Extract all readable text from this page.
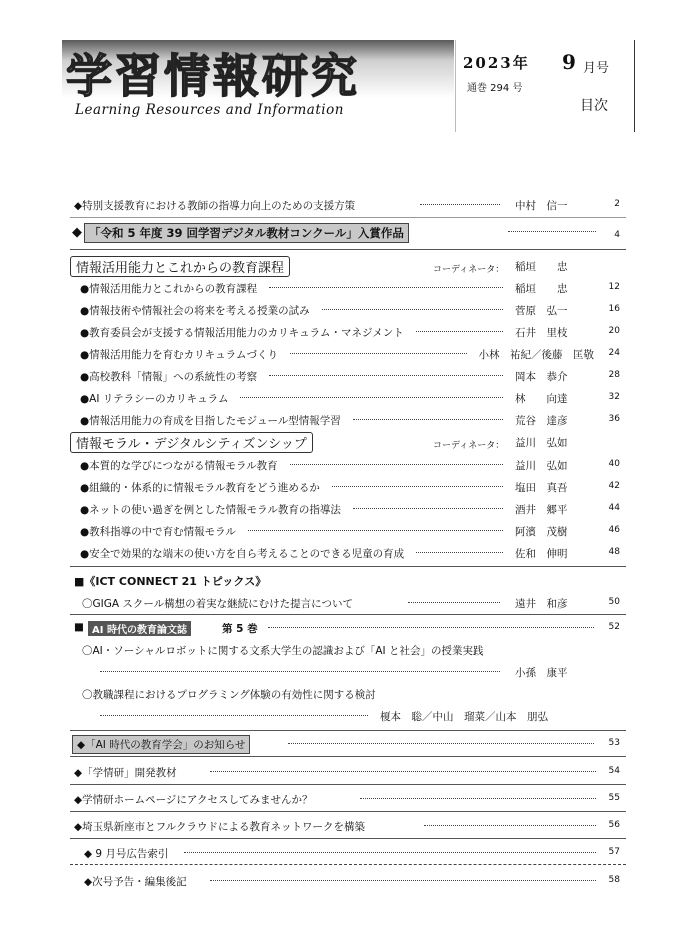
学習情報研究
Learning Resources and Information
2023年 9 月号
通巻 294 号
目次
◆特別支援教育における教師の指導力向上のための支援方策	中村　信一	2
◆ 「令和 5 年度 39 回学習デジタル教材コンクール」入賞作品	4
情報活用能力とこれからの教育課程	コーディネータ： 稲垣　　忠
●情報活用能力とこれからの教育課程	稲垣　　忠	12
●情報技術や情報社会の将来を考える授業の試み	菅原　弘一	16
●教育委員会が支援する情報活用能力のカリキュラム・マネジメント	石井　里枝	20
●情報活用能力を育むカリキュラムづくり	小林　祐紀／後藤　匡敬	24
●高校教科「情報」への系統性の考察	岡本　恭介	28
●AI リテラシーのカリキュラム	林　　向達	32
●情報活用能力の育成を目指したモジュール型情報学習	荒谷　達彦	36
情報モラル・デジタルシティズンシップ	コーディネータ： 益川　弘如
●本質的な学びにつながる情報モラル教育	益川　弘如	40
●組織的・体系的に情報モラル教育をどう進めるか	塩田　真吾	42
●ネットの使い過ぎを例とした情報モラル教育の指導法	酒井　郷平	44
●教科指導の中で育む情報モラル	阿濱　茂樹	46
●安全で効果的な端末の使い方を自ら考えることのできる児童の育成	佐和　伸明	48
■《ICT CONNECT 21 トピックス》
〇GIGA スクール構想の着実な継続にむけた提言について	遠井　和彦	50
■ AI 時代の教育論文誌	第 5 巻	52
〇AI・ソーシャルロボットに関する文系大学生の認識および「AI と社会」の授業実践
小孫　康平
〇教職課程におけるプログラミング体験の有効性に関する検討
榎本　聡／中山　瑠菜／山本　朋弘
◆「AI 時代の教育学会」のお知らせ	53
◆「学情研」開発教材	54
◆学情研ホームページにアクセスしてみませんか？	55
◆埼玉県新座市とフルクラウドによる教育ネットワークを構築	56
◆ 9 月号広告索引	57
◆次号予告・編集後記	58
